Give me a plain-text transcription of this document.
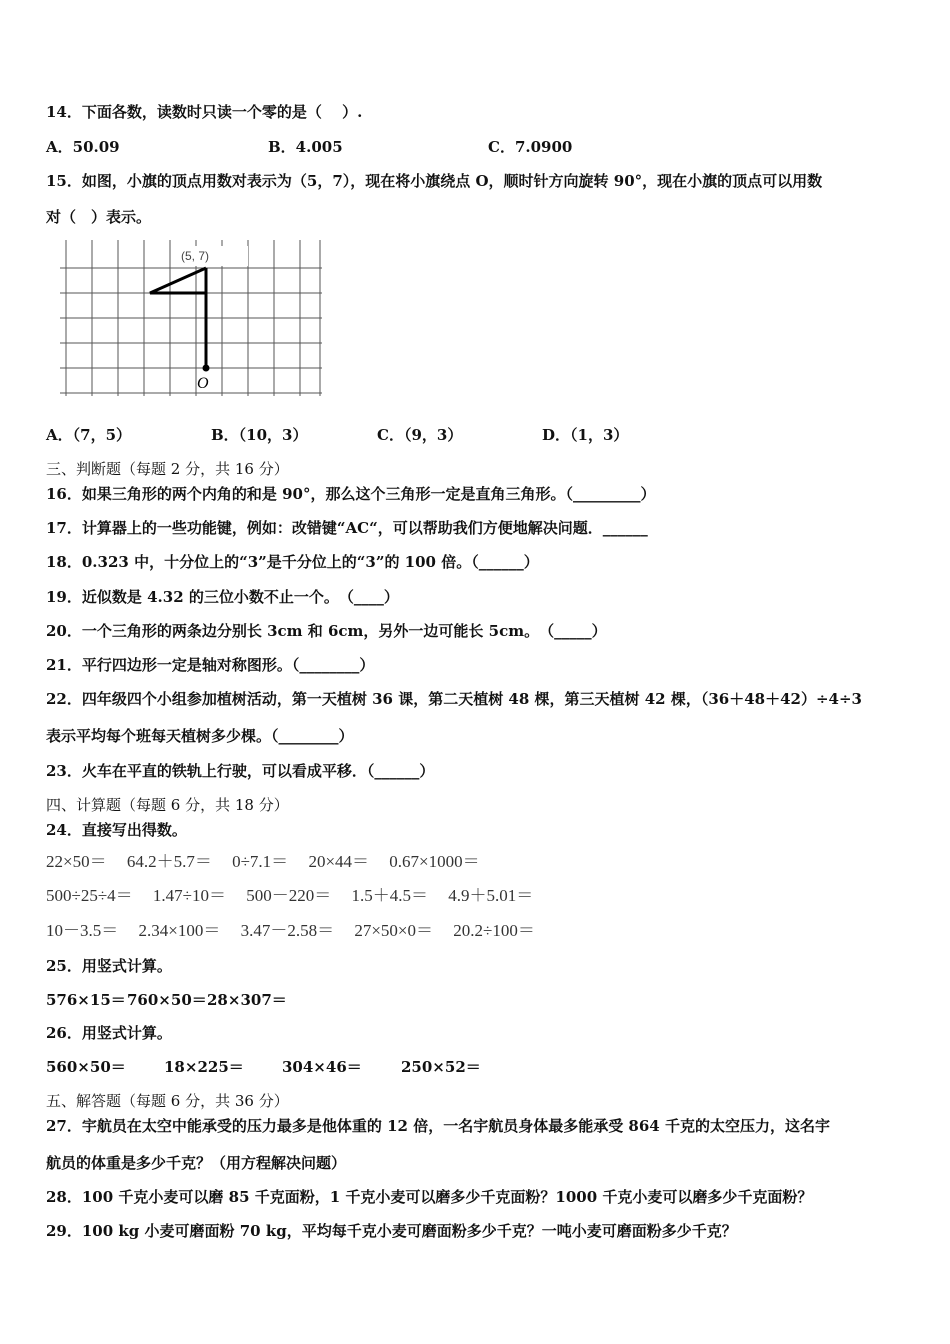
14．下面各数，读数时只读一个零的是（　 ）.
A．50.09	B．4.005	C．7.0900
15．如图，小旗的顶点用数对表示为（5，7），现在将小旗绕点 O，顺时针方向旋转 90°，现在小旗的顶点可以用数
对（　）表示。
(5, 7)
O
A．（7，5）	B．（10，3）	C．（9，3）	D．（1，3）
三、判断题（每题 2 分，共 16 分）
16．如果三角形的两个内角的和是 90°，那么这个三角形一定是直角三角形。（_________）
17．计算器上的一些功能键，例如：改错键“AC“，可以帮助我们方便地解决问题．______
18．0.323 中，十分位上的“3”是千分位上的“3”的 100 倍。（______）
19．近似数是 4.32 的三位小数不止一个。　（____）
20．一个三角形的两条边分别长 3cm 和 6cm，另外一边可能长 5cm。　（_____）
21．平行四边形一定是轴对称图形。（________）
22．四年级四个小组参加植树活动，第一天植树 36 课，第二天植树 48 棵，第三天植树 42 棵，（36＋48＋42）÷4÷3
表示平均每个班每天植树多少棵。（________）
23．火车在平直的铁轨上行驶，可以看成平移．（______）
四、计算题（每题 6 分，共 18 分）
24．直接写出得数。
22×50＝ 64.2＋5.7＝ 0÷7.1＝ 20×44＝ 0.67×1000＝
500÷25÷4＝ 1.47÷10＝ 500－220＝ 1.5＋4.5＝ 4.9＋5.01＝
10－3.5＝ 2.34×100＝ 3.47－2.58＝ 27×50×0＝ 20.2÷100＝
25．用竖式计算。
576×15＝ 760×50＝ 28×307＝
26．用竖式计算。
560×50＝	18×225＝	304×46＝	250×52＝
五、解答题（每题 6 分，共 36 分）
27．宇航员在太空中能承受的压力最多是他体重的 12 倍，一名宇航员身体最多能承受 864 千克的太空压力，这名宇
航员的体重是多少千克？（用方程解决问题）
28．100 千克小麦可以磨 85 千克面粉，1 千克小麦可以磨多少千克面粉？1000 千克小麦可以磨多少千克面粉？
29．100 kg 小麦可磨面粉 70 kg，平均每千克小麦可磨面粉多少千克？一吨小麦可磨面粉多少千克？
